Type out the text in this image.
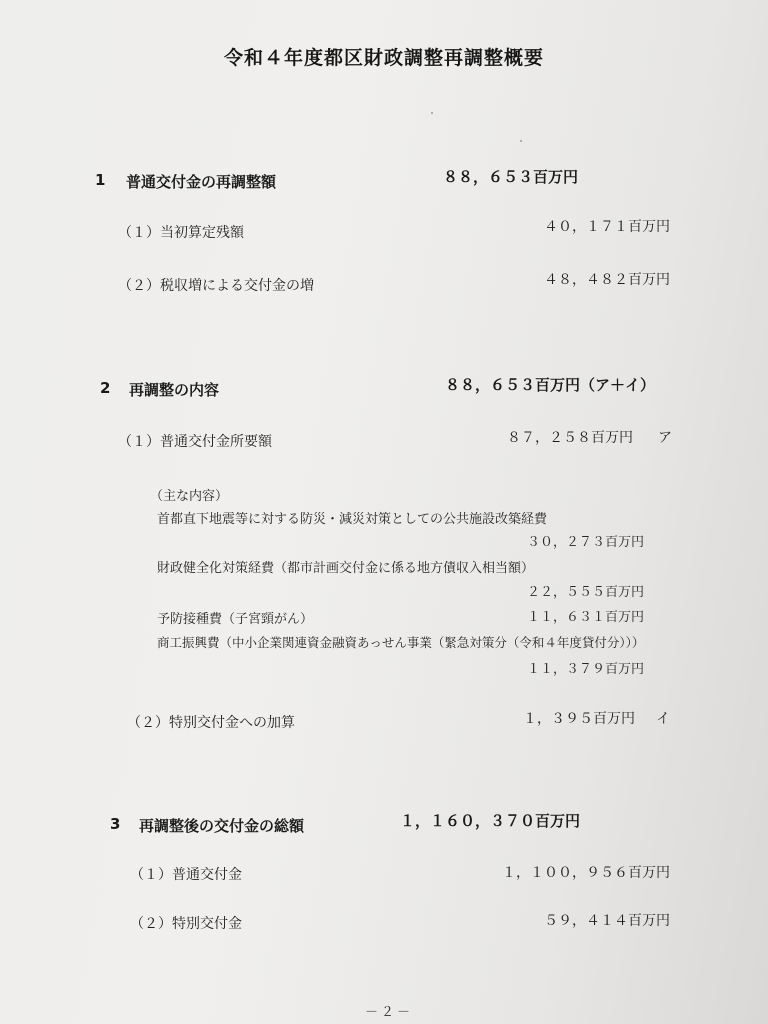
令和４年度都区財政調整再調整概要
1 普通交付金の再調整額	８８，６５３百万円
（１）当初算定残額	４０，１７１百万円
（２）税収増による交付金の増	４８，４８２百万円
2 再調整の内容	８８，６５３百万円（ア＋イ）
（１）普通交付金所要額	８７，２５８百万円 ア
（主な内容）
首都直下地震等に対する防災・減災対策としての公共施設改築経費
３０，２７３百万円
財政健全化対策経費（都市計画交付金に係る地方債収入相当額）
２２，５５５百万円
予防接種費（子宮頸がん）	１１，６３１百万円
商工振興費（中小企業関連資金融資あっせん事業（緊急対策分（令和４年度貸付分）））
１１，３７９百万円
（２）特別交付金への加算	１，３９５百万円 イ
3 再調整後の交付金の総額	１，１６０，３７０百万円
（１）普通交付金	１，１００，９５６百万円
（２）特別交付金	５９，４１４百万円
－２－
